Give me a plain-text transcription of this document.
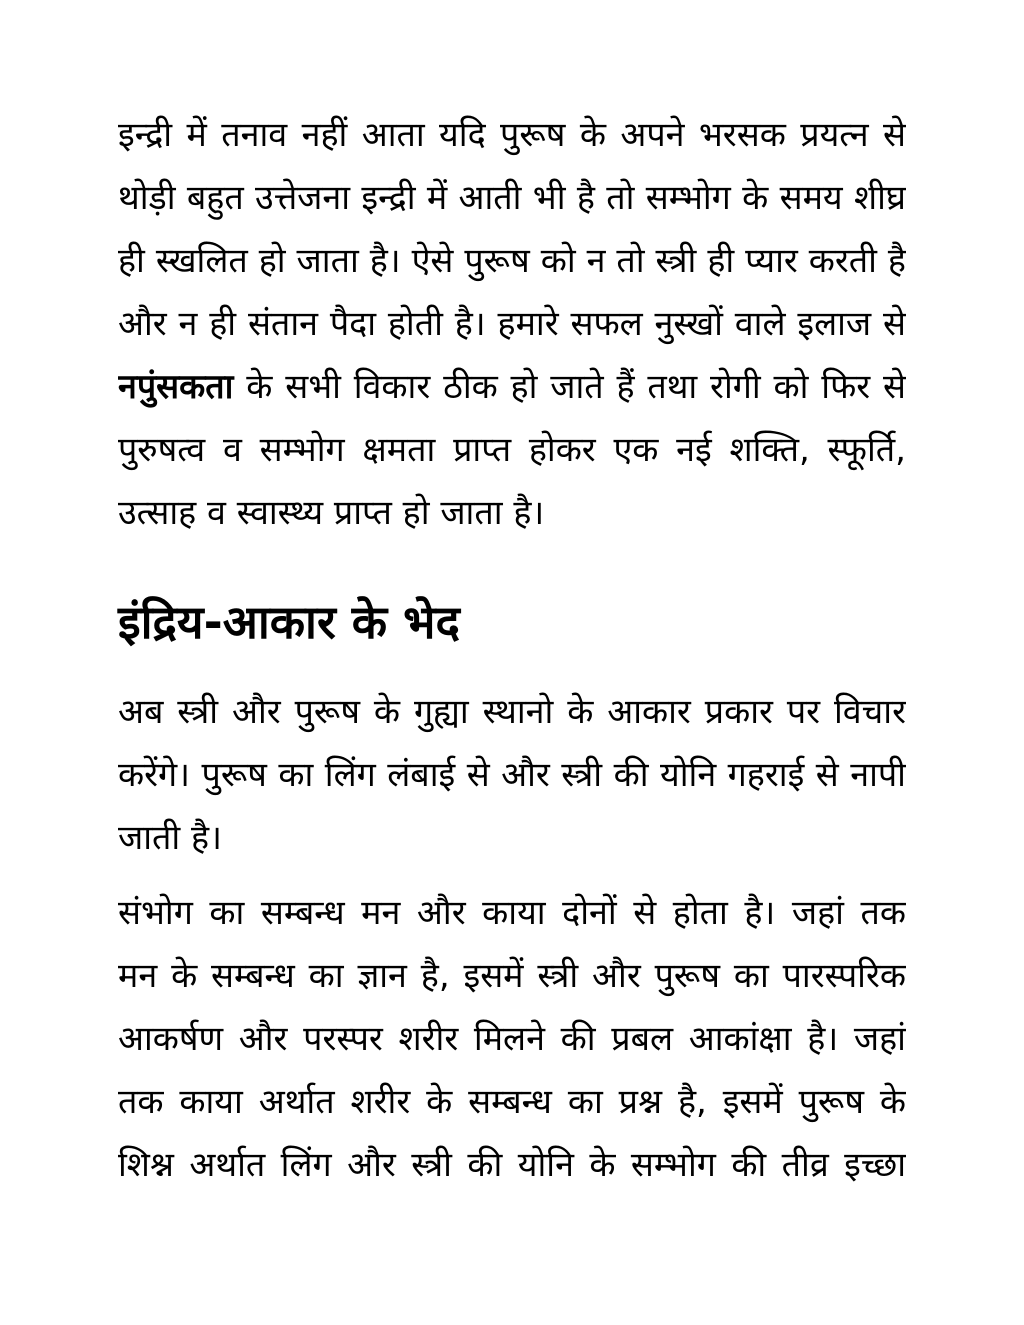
इन्द्री में तनाव नहीं आता यदि पुरूष के अपने भरसक प्रयत्न से
थोड़ी बहुत उत्तेजना इन्द्री में आती भी है तो सम्भोग के समय शीघ्र
ही स्खलित हो जाता है। ऐसे पुरूष को न तो स्त्री ही प्यार करती है
और न ही संतान पैदा होती है। हमारे सफल नुस्खों वाले इलाज से
नपुंसकता के सभी विकार ठीक हो जाते हैं तथा रोगी को फिर से
पुरुषत्व व सम्भोग क्षमता प्राप्त होकर एक नई शक्ति, स्फूर्ति,
उत्साह व स्वास्थ्य प्राप्त हो जाता है।
इंद्रिय-आकार के भेद
अब स्त्री और पुरूष के गुह्या स्थानो के आकार प्रकार पर विचार
करेंगे। पुरूष का लिंग लंबाई से और स्त्री की योनि गहराई से नापी
जाती है।
संभोग का सम्बन्ध मन और काया दोनों से होता है। जहां तक
मन के सम्बन्ध का ज्ञान है, इसमें स्त्री और पुरूष का पारस्परिक
आकर्षण और परस्पर शरीर मिलने की प्रबल आकांक्षा है। जहां
तक काया अर्थात शरीर के सम्बन्ध का प्रश्न है, इसमें पुरूष के
शिश्न अर्थात लिंग और स्त्री की योनि के सम्भोग की तीव्र इच्छा
